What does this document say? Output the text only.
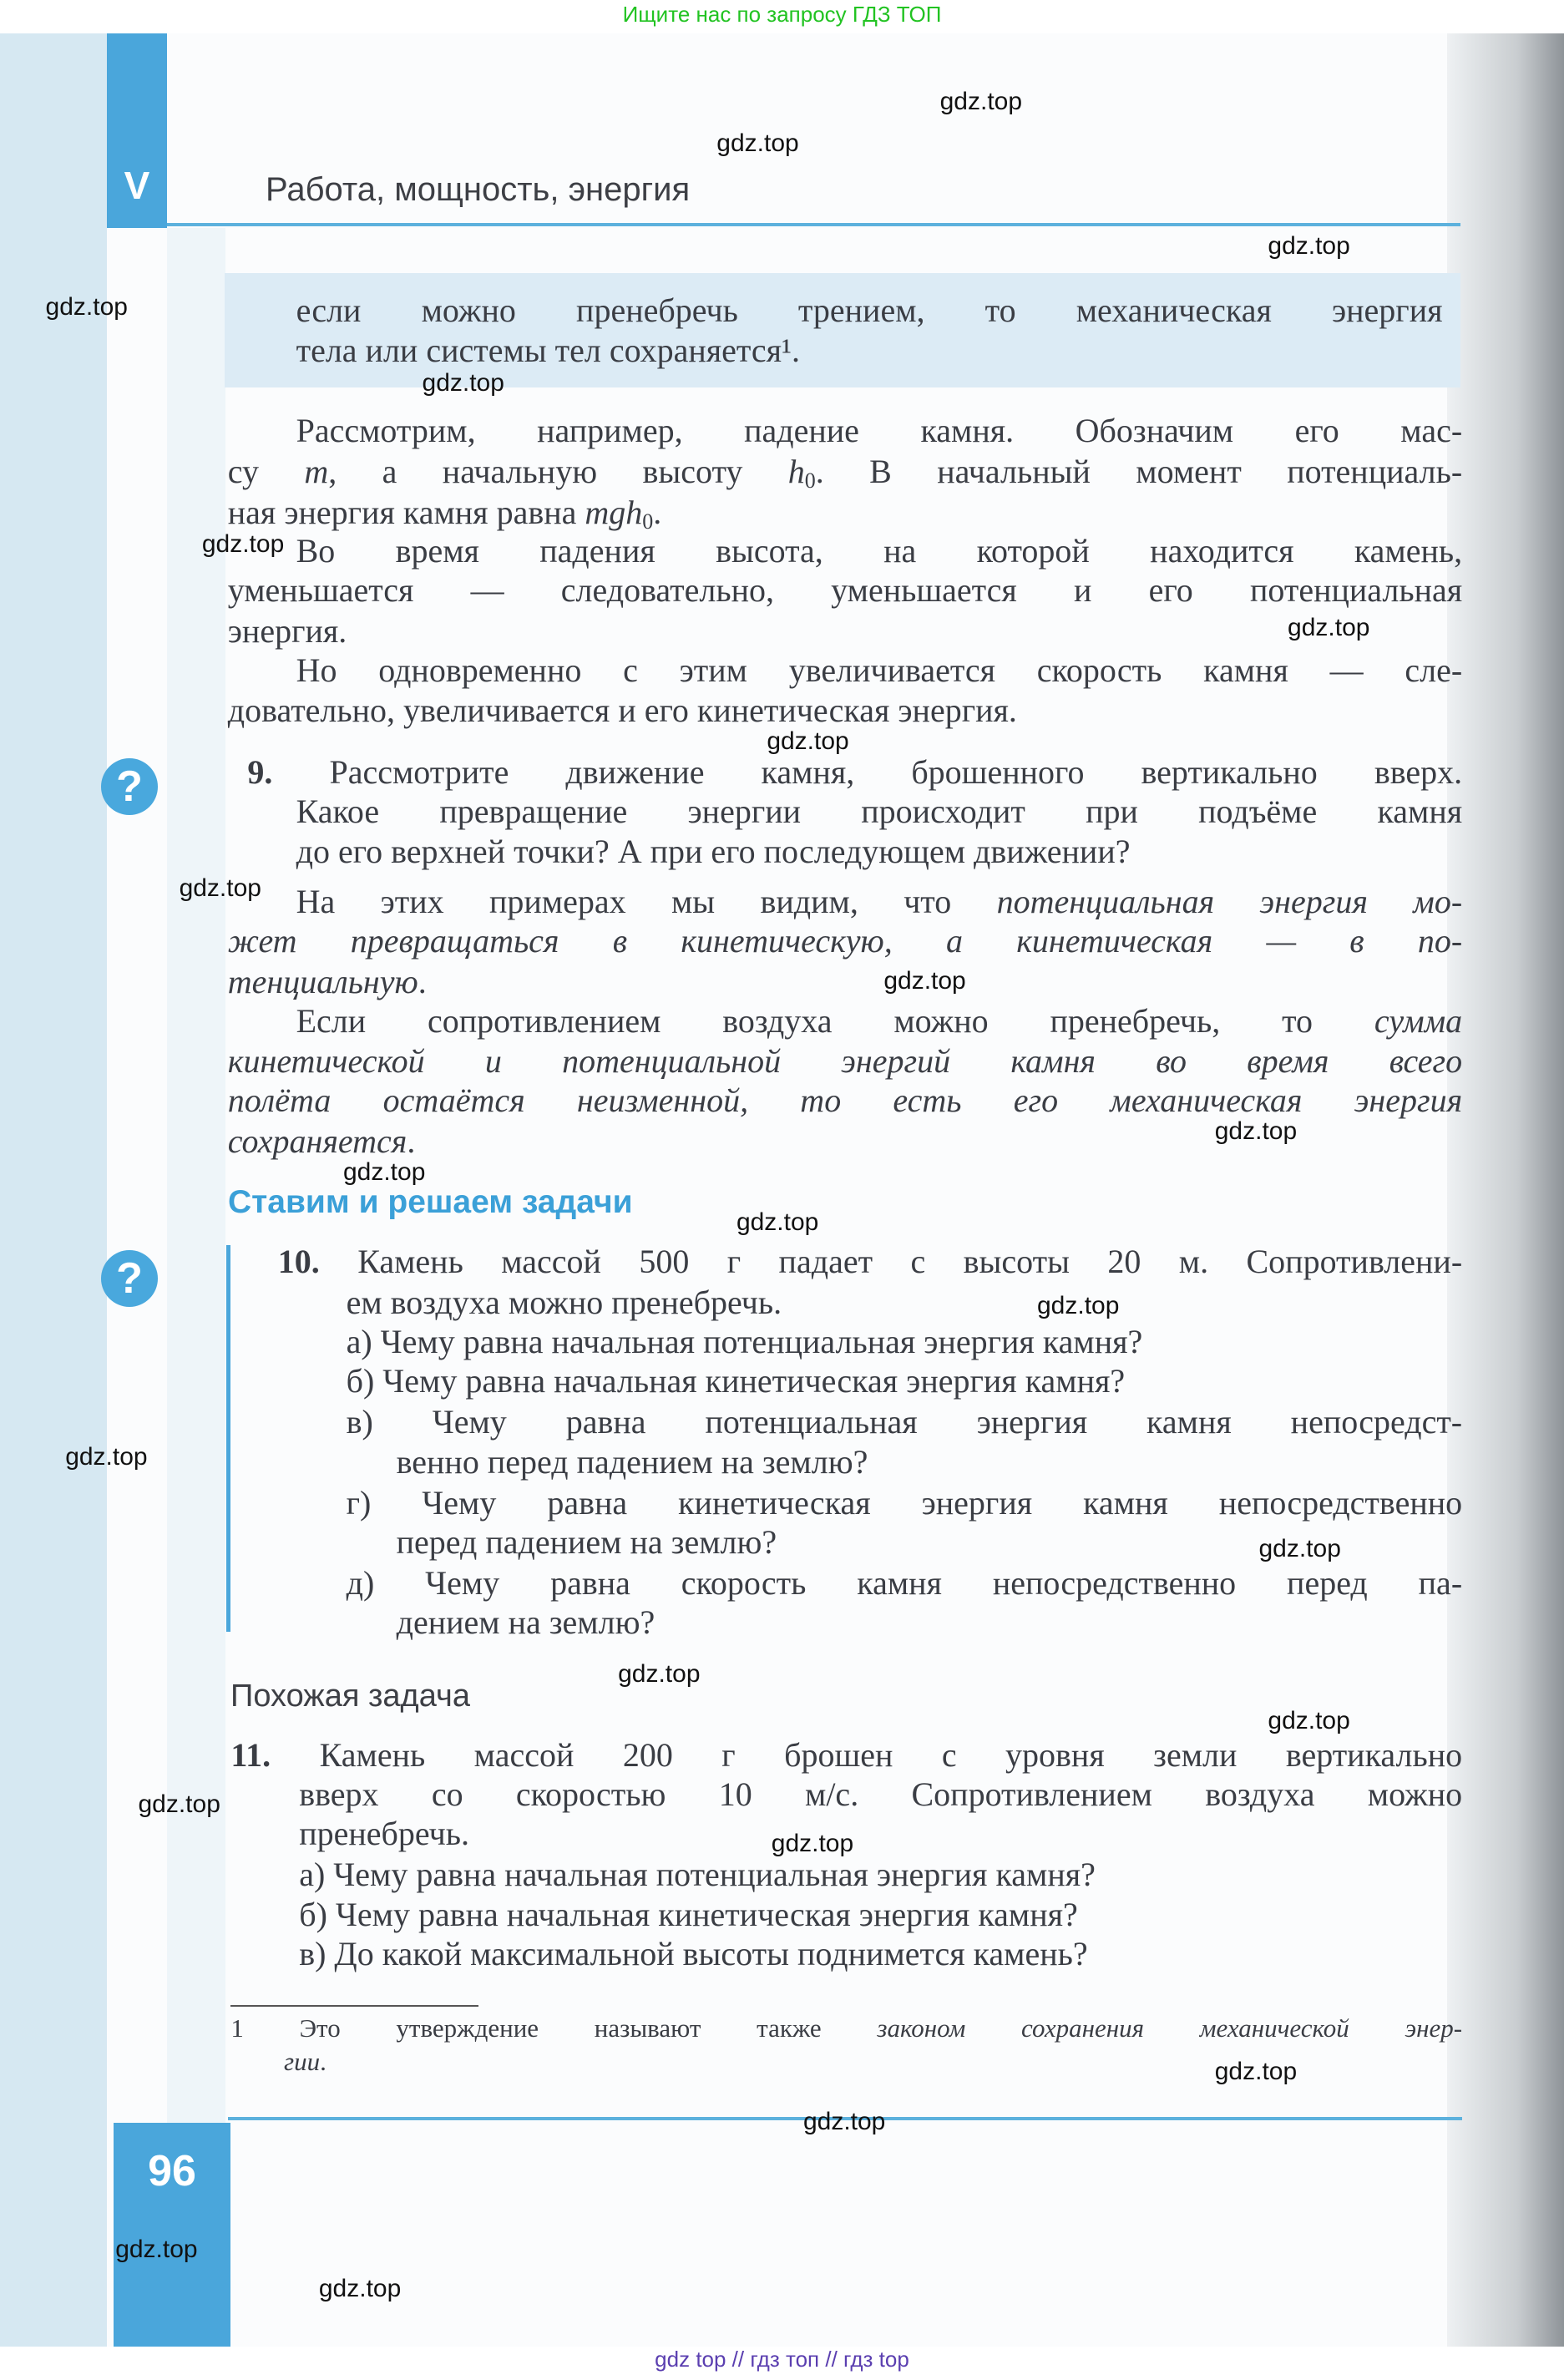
Ищите нас по запросу ГДЗ ТОП
V	Работа, мощность, энергия
Ставим и решаем задачи
?
?
Похожая задача
96
gdz top // гдз топ // гдз top
если можно пренебречь трением, то механическая энергия
тела или системы тел сохраняется¹.
Рассмотрим, например, падение камня. Обозначим его мас-
су m, а начальную высоту $h_0$. В начальный момент потенциаль-
ная энергия камня равна mgh$_0$.
Во время падения высота, на которой находится камень,
уменьшается — следовательно, уменьшается и его потенциальная
энергия.
Но одновременно с этим увеличивается скорость камня — сле-
довательно, увеличивается и его кинетическая энергия.
9. Рассмотрите движение камня, брошенного вертикально вверх.
Какое превращение энергии происходит при подъёме камня
до его верхней точки? А при его последующем движении?
На этих примерах мы видим, что потенциальная энергия мо-
жет превращаться в кинетическую, а кинетическая — в по-
тенциальную.
Если сопротивлением воздуха можно пренебречь, то сумма
кинетической и потенциальной энергий камня во время всего
полёта остаётся неизменной, то есть его механическая энергия
сохраняется.
10. Камень массой 500 г падает с высоты 20 м. Сопротивлени-
ем воздуха можно пренебречь.
а) Чему равна начальная потенциальная энергия камня?
б) Чему равна начальная кинетическая энергия камня?
в) Чему равна потенциальная энергия камня непосредст-
венно перед падением на землю?
г) Чему равна кинетическая энергия камня непосредственно
перед падением на землю?
д) Чему равна скорость камня непосредственно перед па-
дением на землю?
11. Камень массой 200 г брошен с уровня земли вертикально
вверх со скоростью 10 м/с. Сопротивлением воздуха можно
пренебречь.
а) Чему равна начальная потенциальная энергия камня?
б) Чему равна начальная кинетическая энергия камня?
в) До какой максимальной высоты поднимется камень?
1 Это утверждение называют также законом сохранения механической энер-
гии.
gdz.top
gdz.top
gdz.top
gdz.top
gdz.top
gdz.top
gdz.top
gdz.top
gdz.top
gdz.top
gdz.top
gdz.top
gdz.top
gdz.top
gdz.top
gdz.top
gdz.top
gdz.top
gdz.top
gdz.top
gdz.top
gdz.top
gdz.top
gdz.top
